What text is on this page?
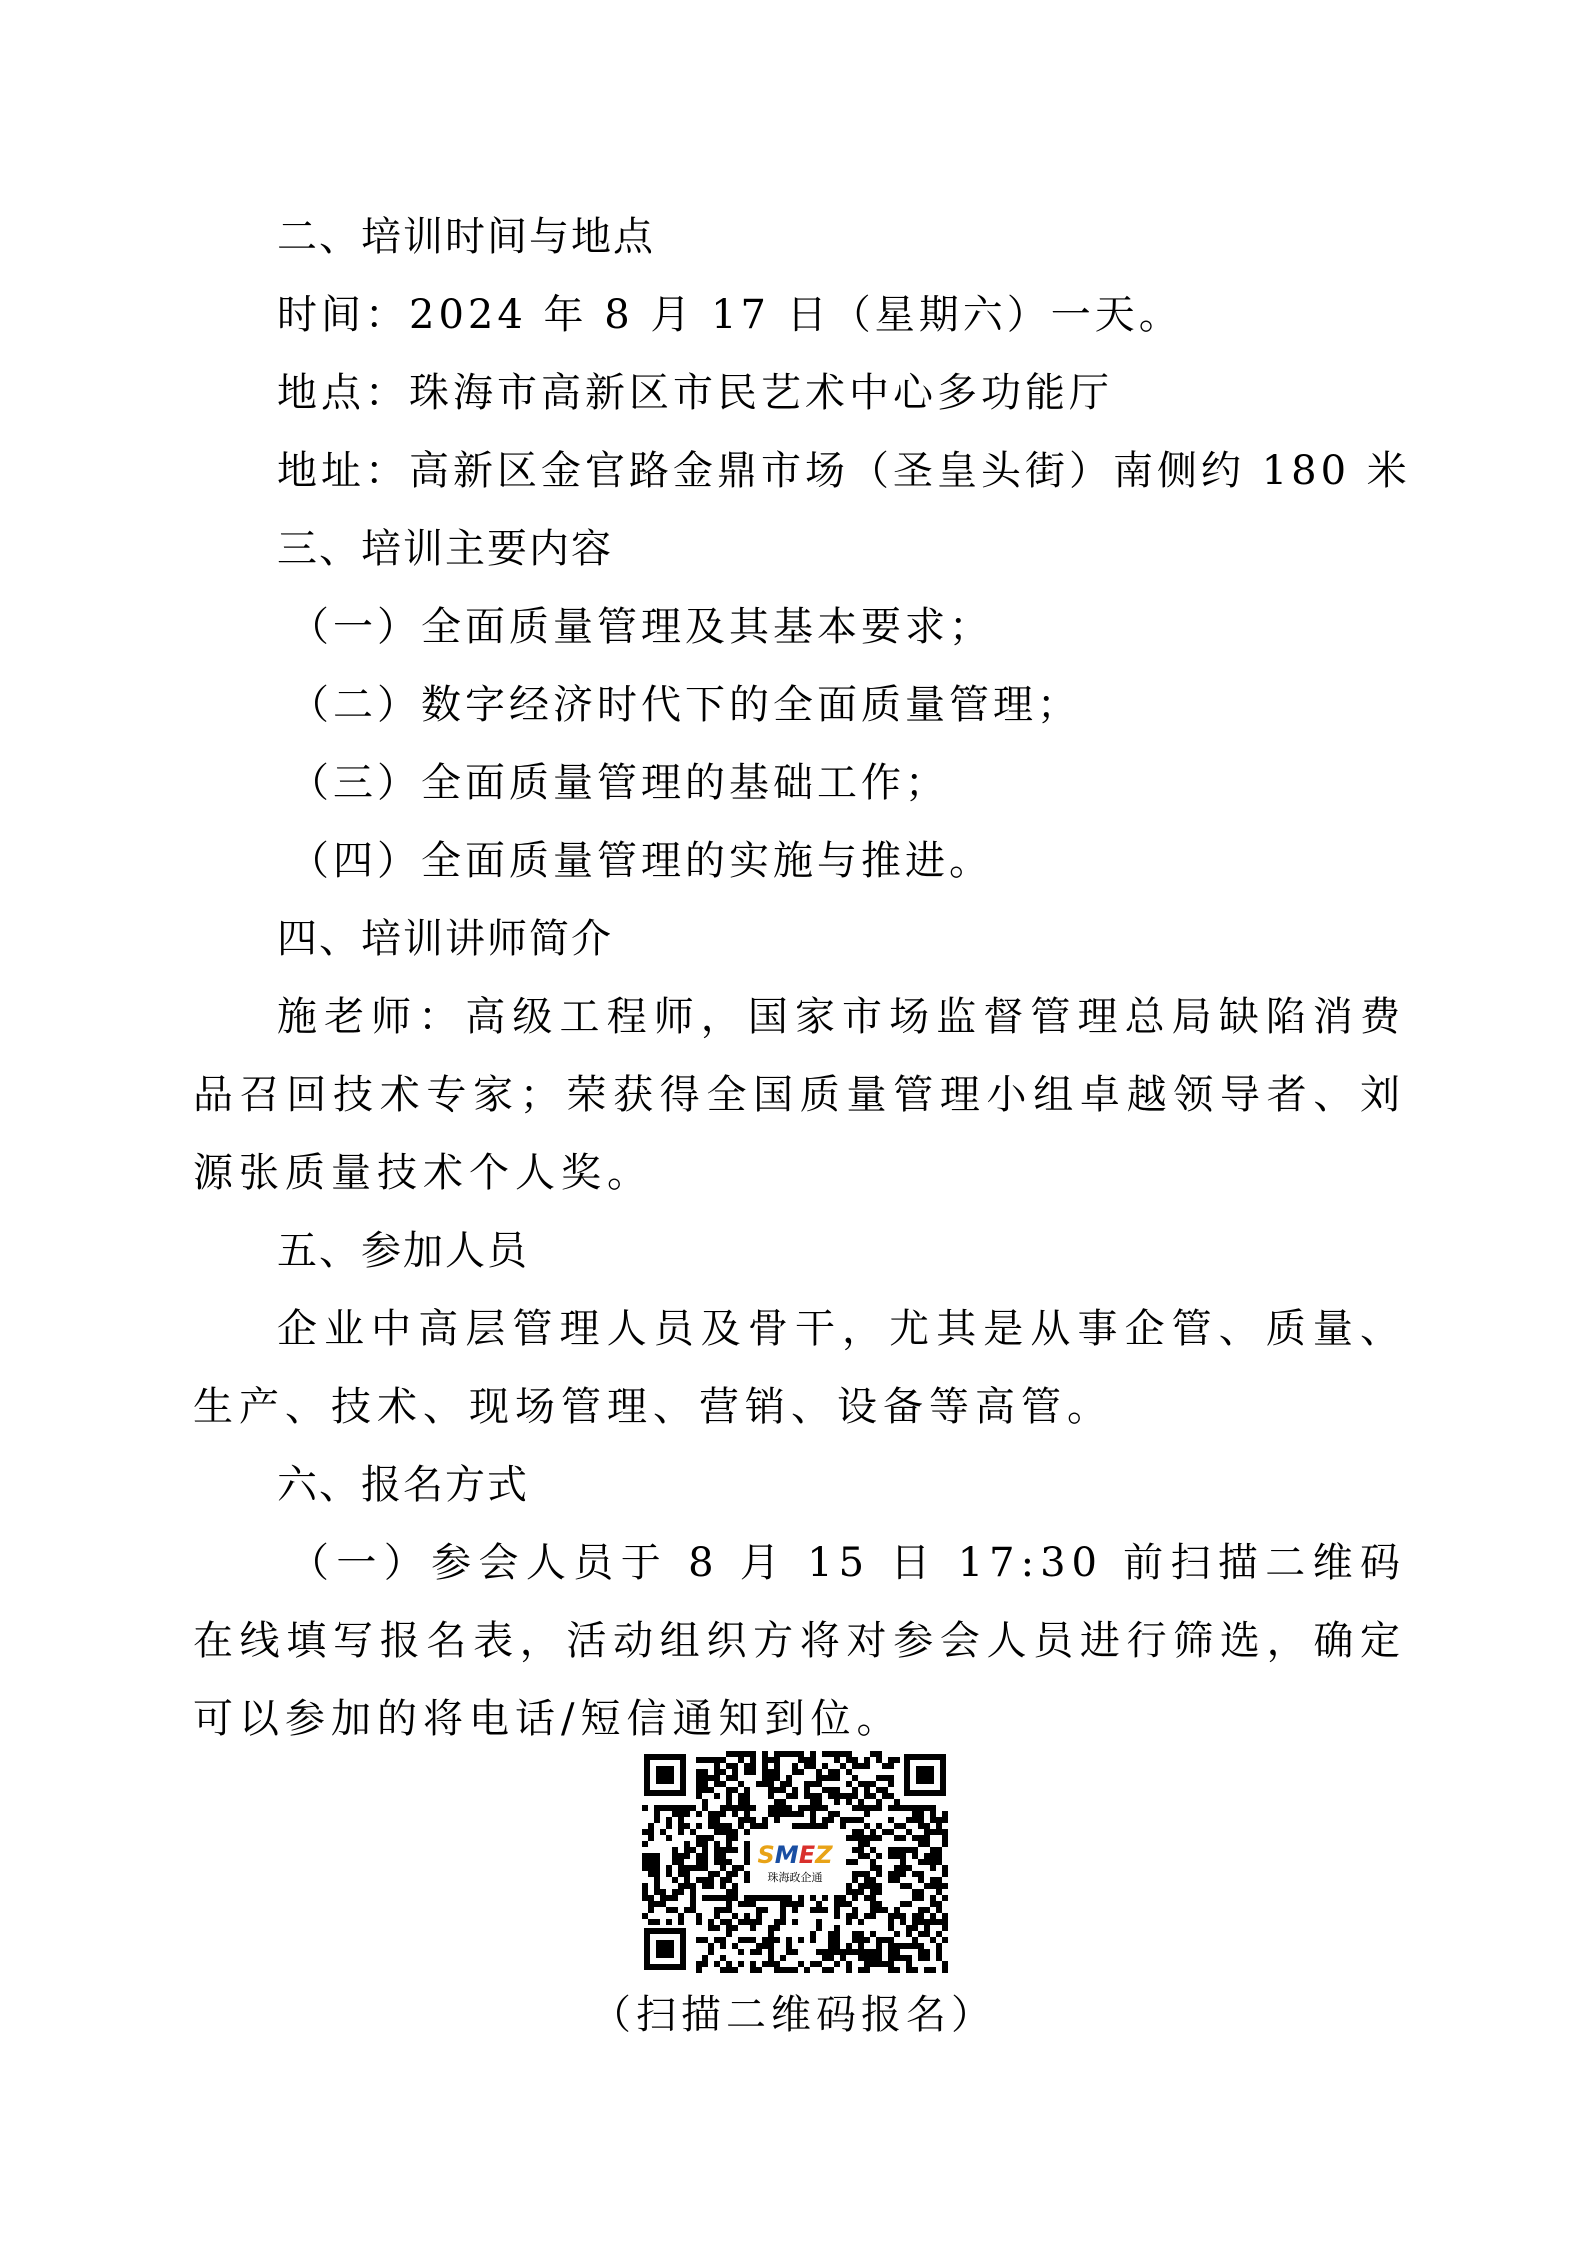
二、培训时间与地点
时间：2024 年 8 月 17 日（星期六）一天。
地点：珠海市高新区市民艺术中心多功能厅
地址：高新区金官路金鼎市场（圣皇头街）南侧约 180 米
三、培训主要内容
（一）全面质量管理及其基本要求；
（二）数字经济时代下的全面质量管理；
（三）全面质量管理的基础工作；
（四）全面质量管理的实施与推进。
四、培训讲师简介
施老师：高级工程师，国家市场监督管理总局缺陷消费品召回技术专家；荣获得全国质量管理小组卓越领导者、刘源张质量技术个人奖。
五、参加人员
企业中高层管理人员及骨干，尤其是从事企管、质量、生产、技术、现场管理、营销、设备等高管。
六、报名方式
（一）参会人员于 8 月 15 日 17:30 前扫描二维码在线填写报名表，活动组织方将对参会人员进行筛选，确定可以参加的将电话/短信通知到位。
SMEZ
珠海政企通
（扫描二维码报名）
